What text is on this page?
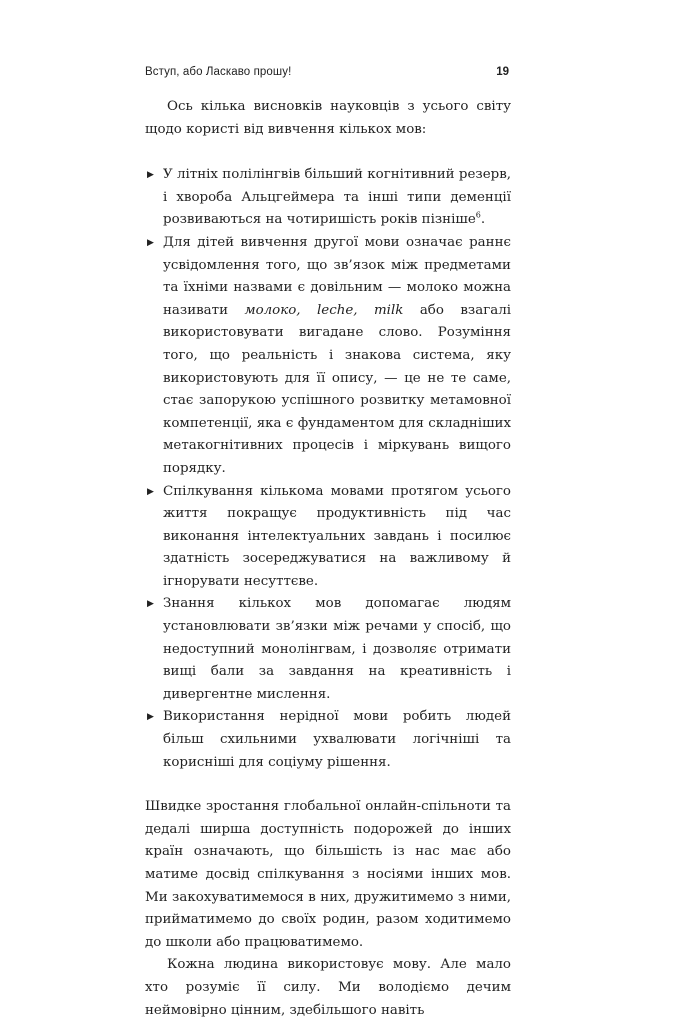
Вступ, або Ласкаво прошу!	19

Ось кілька висновків науковців з усього світу щодо користі від вивчення кількох мов:

▶ У літніх полілінгвів більший когнітивний резерв, і хвороба Альцгеймера та інші типи деменції розвиваються на чотиришість років пізніше$^6$.
▶ Для дітей вивчення другої мови означає раннє усвідомлення того, що зв’язок між предметами та їхніми назвами є довільним — молоко можна називати молоко, leche, milk або взагалі використовувати вигадане слово. Розуміння того, що реальність і знакова система, яку використовують для її опису, — це не те саме, стає запорукою успішного розвитку метамовної компетенції, яка є фундаментом для складніших метакогнітивних процесів і міркувань вищого порядку.
▶ Спілкування кількома мовами протягом усього життя покращує продуктивність під час виконання інтелектуальних завдань і посилює здатність зосереджуватися на важливому й ігнорувати несуттєве.
▶ Знання кількох мов допомагає людям установлювати зв’язки між речами у спосіб, що недоступний монолінгвам, і дозволяє отримати вищі бали за завдання на креативність і дивергентне мислення.
▶ Використання нерідної мови робить людей більш схильними ухвалювати логічніші та корисніші для соціуму рішення.

Швидке зростання глобальної онлайн-спільноти та дедалі ширша доступність подорожей до інших країн означають, що більшість із нас має або матиме досвід спілкування з носіями інших мов. Ми закохуватимемося в них, дружитимемо з ними, прийматимемо до своїх родин, разом ходитимемо до школи або працюватимемо.

Кожна людина використовує мову. Але мало хто розуміє її силу. Ми володіємо дечим неймовірно цінним, здебільшого навіть
